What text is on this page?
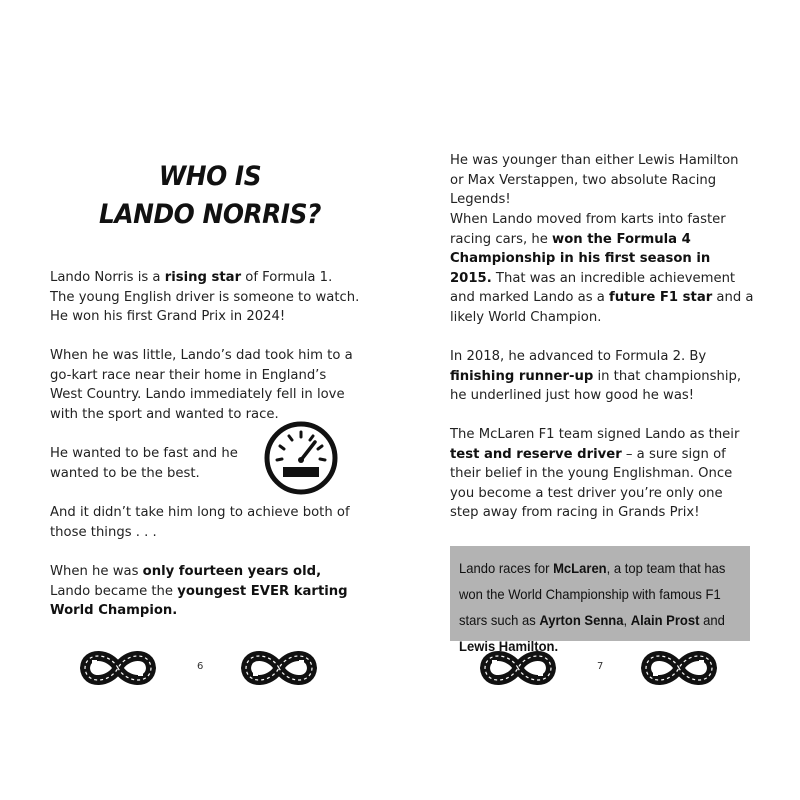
WHO IS
LANDO NORRIS?

Lando Norris is a rising star of Formula 1. The young English driver is someone to watch. He won his first Grand Prix in 2024!

When he was little, Lando’s dad took him to a go-kart race near their home in England’s West Country. Lando immediately fell in love with the sport and wanted to race.

He wanted to be fast and he wanted to be the best.

And it didn’t take him long to achieve both of those things . . .

When he was only fourteen years old, Lando became the youngest EVER karting World Champion.

6

He was younger than either Lewis Hamilton or Max Verstappen, two absolute Racing Legends!

When Lando moved from karts into faster racing cars, he won the Formula 4 Championship in his first season in 2015. That was an incredible achievement and marked Lando as a future F1 star and a likely World Champion.

In 2018, he advanced to Formula 2. By finishing runner-up in that championship, he underlined just how good he was!

The McLaren F1 team signed Lando as their test and reserve driver – a sure sign of their belief in the young Englishman. Once you become a test driver you’re only one step away from racing in Grands Prix!

Lando races for McLaren, a top team that has won the World Championship with famous F1 stars such as Ayrton Senna, Alain Prost and Lewis Hamilton.
7
